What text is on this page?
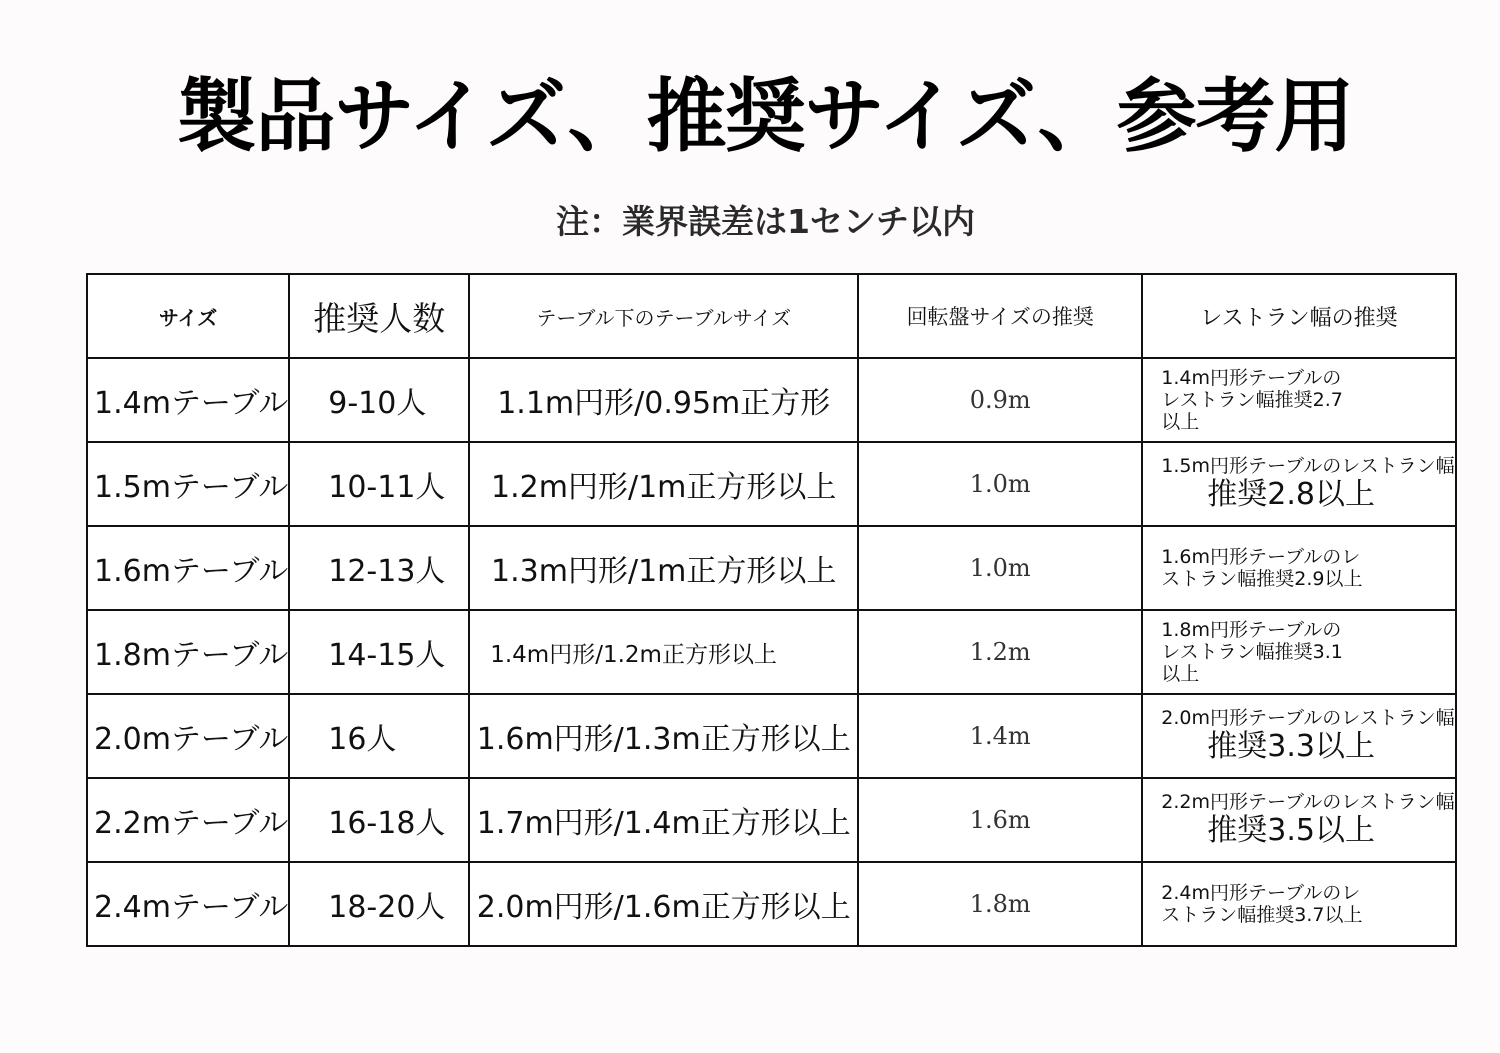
製品サイズ、推奨サイズ、参考用
注：業界誤差は1センチ以内
サイズ	推奨人数	テーブル下のテーブルサイズ	回転盤サイズの推奨	レストラン幅の推奨
1.4mテーブル	9-10人	1.1m円形/0.95m正方形	0.9m	1.4m円形テーブルの
レストラン幅推奨2.7
以上

1.5mテーブル	10-11人	1.2m円形/1m正方形以上	1.0m	1.5m円形テーブルのレストラン幅
推奨2.8以上

1.6mテーブル	12-13人	1.3m円形/1m正方形以上	1.0m	1.6m円形テーブルのレ
ストラン幅推奨2.9以上

1.8mテーブル	14-15人	1.4m円形/1.2m正方形以上	1.2m	1.8m円形テーブルの
レストラン幅推奨3.1
以上

2.0mテーブル	16人	1.6m円形/1.3m正方形以上	1.4m	2.0m円形テーブルのレストラン幅
推奨3.3以上

2.2mテーブル	16-18人	1.7m円形/1.4m正方形以上	1.6m	2.2m円形テーブルのレストラン幅
推奨3.5以上

2.4mテーブル	18-20人	2.0m円形/1.6m正方形以上	1.8m	2.4m円形テーブルのレ
ストラン幅推奨3.7以上
